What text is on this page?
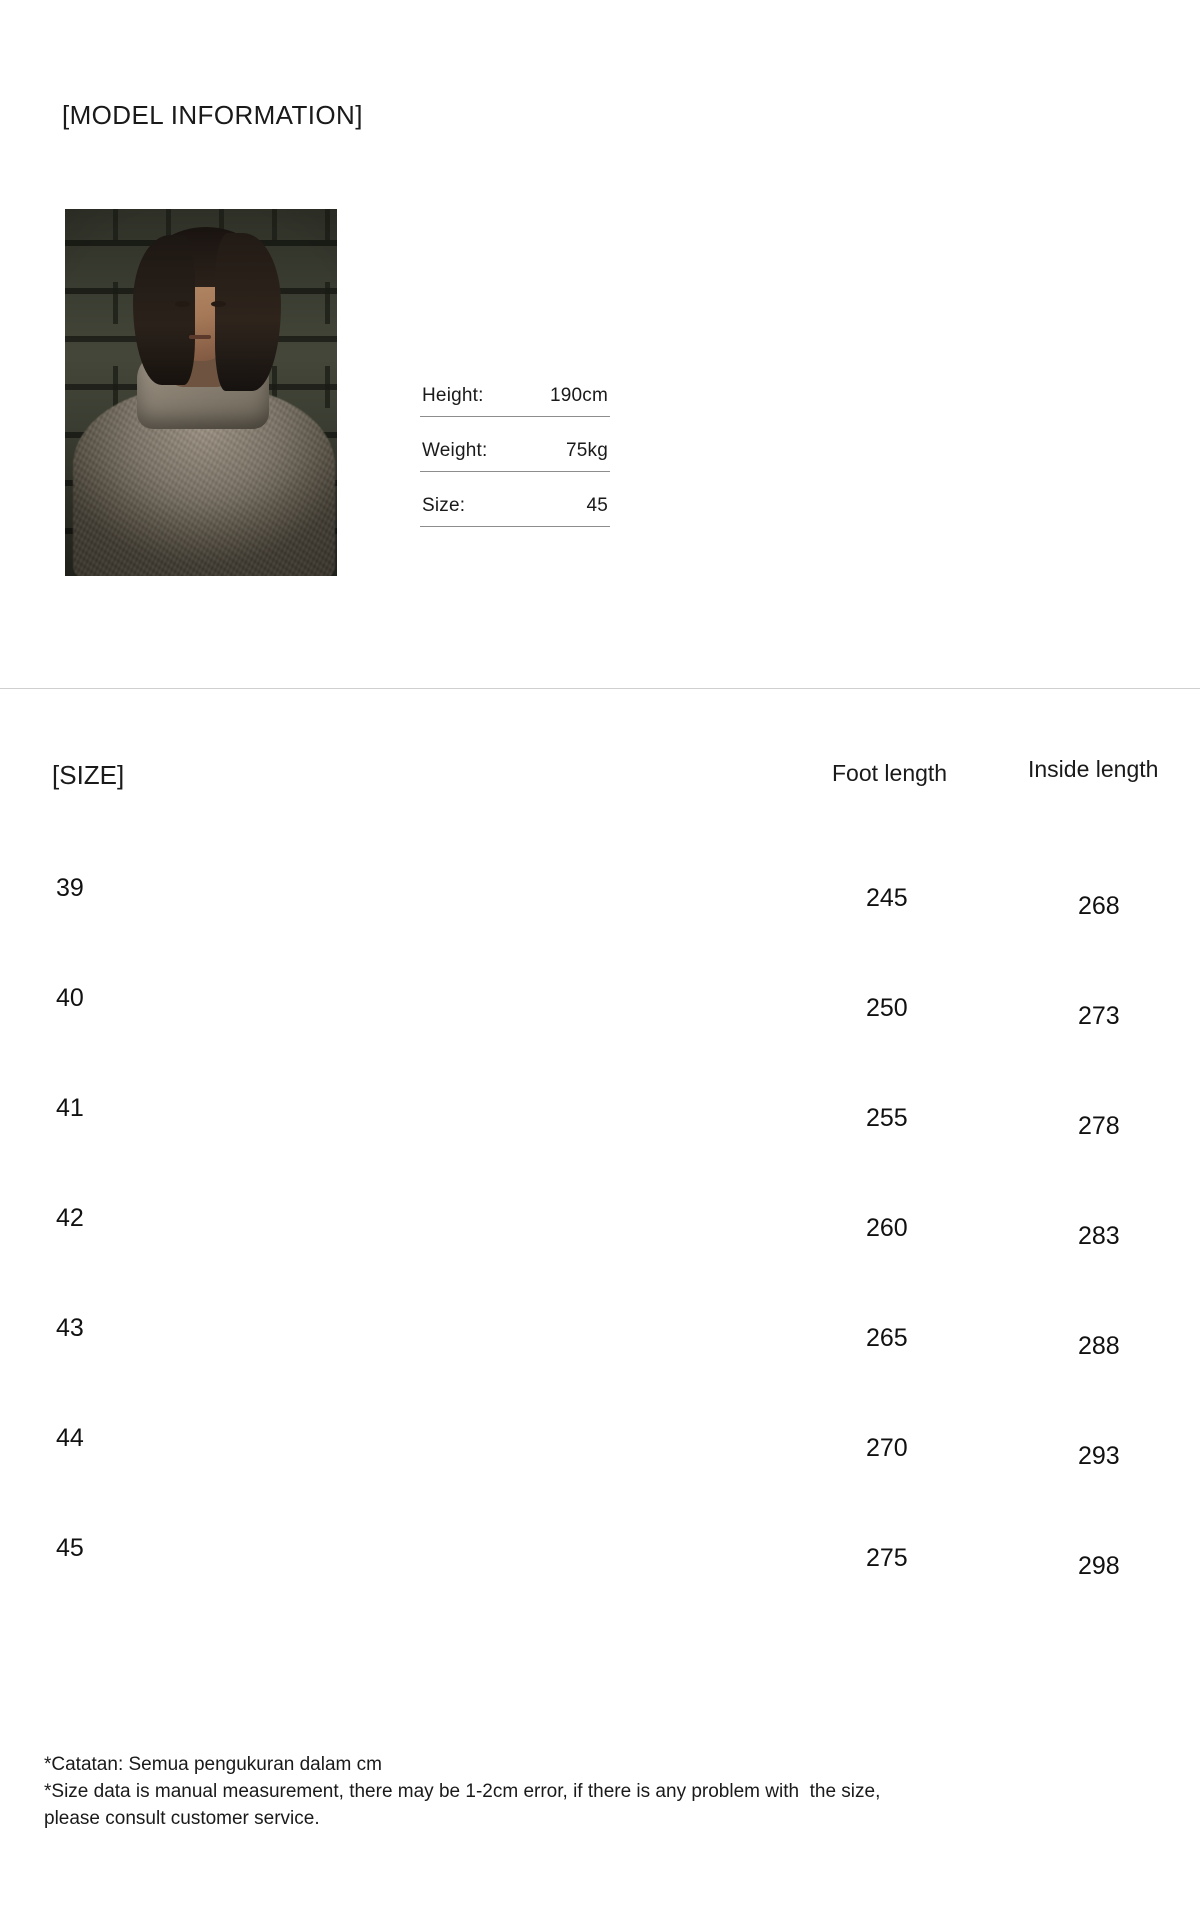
[MODEL INFORMATION]
Height:	190cm
Weight:	75kg
Size:	45
[SIZE]	Foot length	Inside length
39	245	268
40	250	273
41	255	278
42	260	283
43	265	288
44	270	293
45	275	298
*Catatan: Semua pengukuran dalam cm
*Size data is manual measurement, there may be 1-2cm error, if there is any problem with  the size,
please consult customer service.
